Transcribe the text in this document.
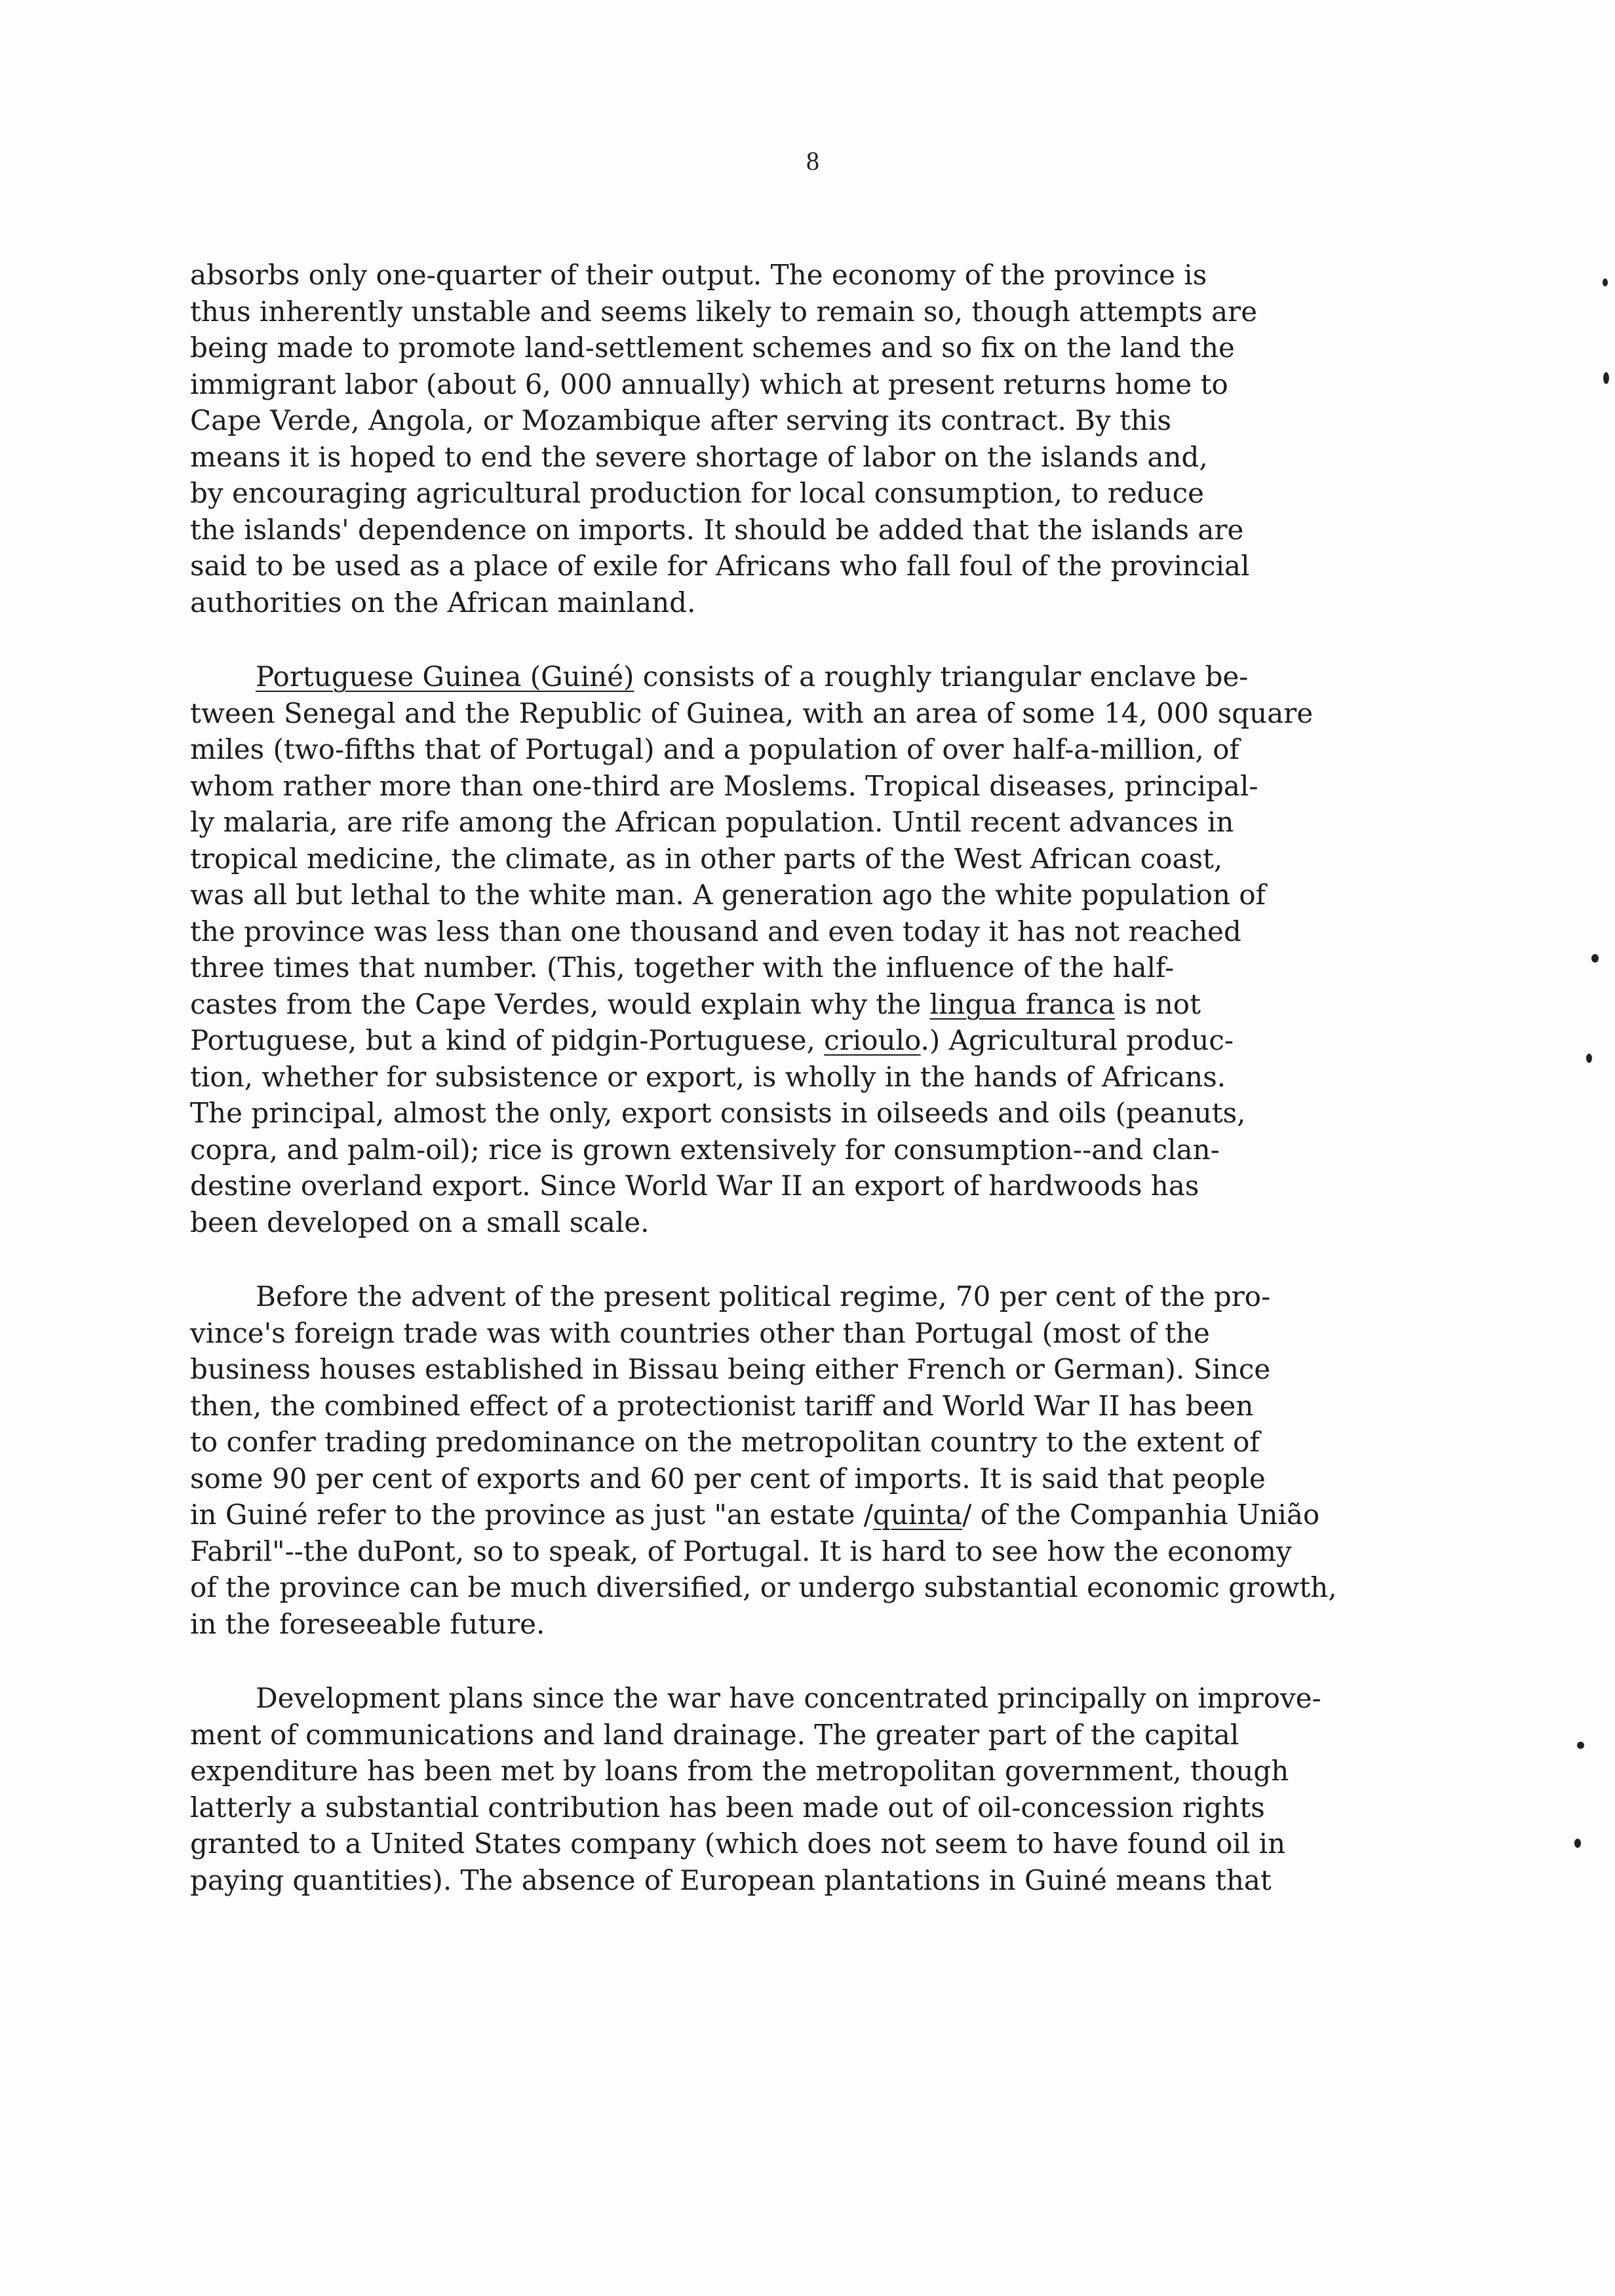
8

absorbs only one-quarter of their output. The economy of the province is
thus inherently unstable and seems likely to remain so, though attempts are
being made to promote land-settlement schemes and so fix on the land the
immigrant labor (about 6, 000 annually) which at present returns home to
Cape Verde, Angola, or Mozambique after serving its contract. By this
means it is hoped to end the severe shortage of labor on the islands and,
by encouraging agricultural production for local consumption, to reduce
the islands' dependence on imports. It should be added that the islands are
said to be used as a place of exile for Africans who fall foul of the provincial
authorities on the African mainland.

Portuguese Guinea (Guiné) consists of a roughly triangular enclave be-
tween Senegal and the Republic of Guinea, with an area of some 14, 000 square
miles (two-fifths that of Portugal) and a population of over half-a-million, of
whom rather more than one-third are Moslems. Tropical diseases, principal-
ly malaria, are rife among the African population. Until recent advances in
tropical medicine, the climate, as in other parts of the West African coast,
was all but lethal to the white man. A generation ago the white population of
the province was less than one thousand and even today it has not reached
three times that number. (This, together with the influence of the half-
castes from the Cape Verdes, would explain why the lingua franca is not
Portuguese, but a kind of pidgin-Portuguese, crioulo.) Agricultural produc-
tion, whether for subsistence or export, is wholly in the hands of Africans.
The principal, almost the only, export consists in oilseeds and oils (peanuts,
copra, and palm-oil); rice is grown extensively for consumption--and clan-
destine overland export. Since World War II an export of hardwoods has
been developed on a small scale.

Before the advent of the present political regime, 70 per cent of the pro-
vince's foreign trade was with countries other than Portugal (most of the
business houses established in Bissau being either French or German). Since
then, the combined effect of a protectionist tariff and World War II has been
to confer trading predominance on the metropolitan country to the extent of
some 90 per cent of exports and 60 per cent of imports. It is said that people
in Guiné refer to the province as just "an estate /quinta/ of the Companhia União
Fabril"--the duPont, so to speak, of Portugal. It is hard to see how the economy
of the province can be much diversified, or undergo substantial economic growth,
in the foreseeable future.

Development plans since the war have concentrated principally on improve-
ment of communications and land drainage. The greater part of the capital
expenditure has been met by loans from the metropolitan government, though
latterly a substantial contribution has been made out of oil-concession rights
granted to a United States company (which does not seem to have found oil in
paying quantities). The absence of European plantations in Guiné means that
